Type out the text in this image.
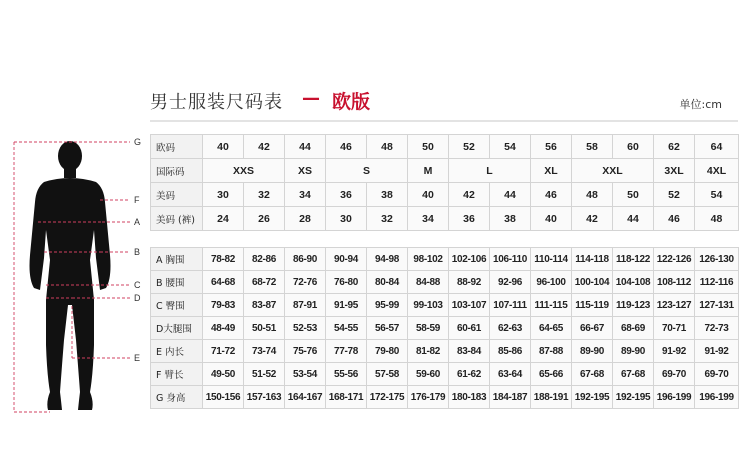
男士服装尺码表 — 欧版	单位:cm
G
F
A
B
C
D
E
欧码	40	42	44	46	48	50	52	54	56	58	60	62	64
国际码	XXS		XS	S		M	L		XL	XXL		3XL	4XL
美码	30	32	34	36	38	40	42	44	46	48	50	52	54
美码 (裤)	24	26	28	30	32	34	36	38	40	42	44	46	48
A 胸围	78-82	82-86	86-90	90-94	94-98	98-102	102-106	106-110	110-114	114-118	118-122	122-126	126-130
B 腰围	64-68	68-72	72-76	76-80	80-84	84-88	88-92	92-96	96-100	100-104	104-108	108-112	112-116
C 臀围	79-83	83-87	87-91	91-95	95-99	99-103	103-107	107-111	111-115	115-119	119-123	123-127	127-131
D大腿围	48-49	50-51	52-53	54-55	56-57	58-59	60-61	62-63	64-65	66-67	68-69	70-71	72-73
E 内长	71-72	73-74	75-76	77-78	79-80	81-82	83-84	85-86	87-88	89-90	89-90	91-92	91-92
F 臂长	49-50	51-52	53-54	55-56	57-58	59-60	61-62	63-64	65-66	67-68	67-68	69-70	69-70
G 身高	150-156	157-163	164-167	168-171	172-175	176-179	180-183	184-187	188-191	192-195	192-195	196-199	196-199
